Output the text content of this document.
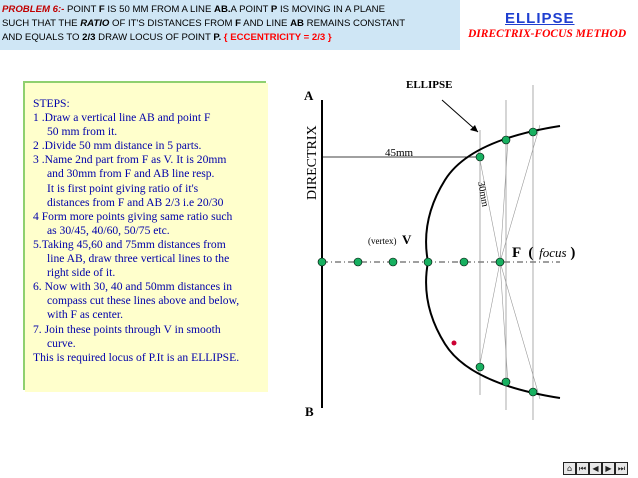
PROBLEM 6:- POINT F IS 50 MM FROM A LINE AB.A POINT P IS MOVING IN A PLANE
SUCH THAT THE RATIO OF IT'S DISTANCES FROM F AND LINE AB REMAINS CONSTANT
AND EQUALS TO 2/3 DRAW LOCUS OF POINT P. { ECCENTRICITY = 2/3 }
ELLIPSE
DIRECTRIX-FOCUS METHOD
STEPS:
1 .Draw a vertical line AB and point F
50 mm from it.
2 .Divide 50 mm distance in 5 parts.
3 .Name 2nd part from F as V. It is 20mm
and 30mm from F and AB line resp.
It is first point giving ratio of it's
distances from F and AB 2/3 i.e 20/30
4 Form more points giving same ratio such
as 30/45, 40/60, 50/75 etc.
5.Taking 45,60 and 75mm distances from
line AB, draw three vertical lines to the
right side of it.
6. Now with 30, 40 and 50mm distances in
compass cut these lines above and below,
with F as center.
7. Join these points through V in smooth
curve.
This is required locus of P.It is an ELLIPSE.
A
B
DIRECTRIX	45mm
30mm
ELLIPSE
(vertex) V
F ( focus )
⌂ ⏮ ◀ ▶ ⏭
